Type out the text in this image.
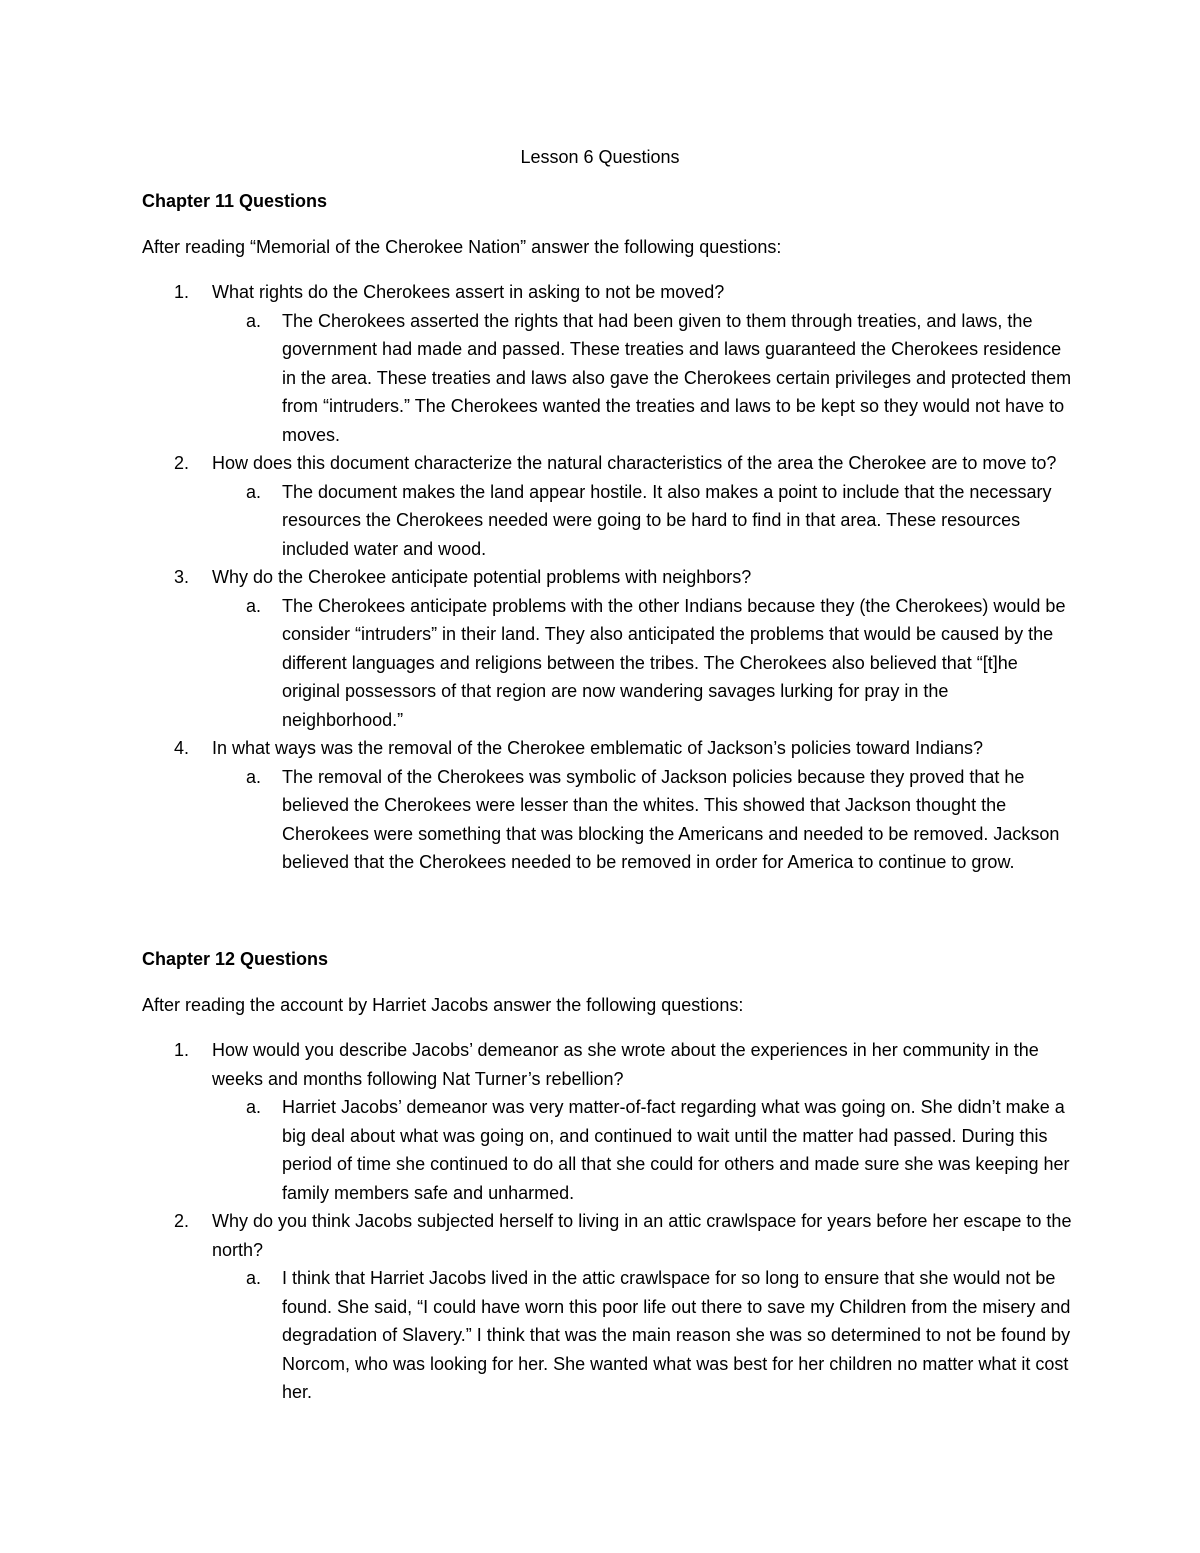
Lesson 6 Questions
Chapter 11 Questions

After reading “Memorial of the Cherokee Nation” answer the following questions:

1. What rights do the Cherokees assert in asking to not be moved?
a. The Cherokees asserted the rights that had been given to them through treaties, and laws, the government had made and passed. These treaties and laws guaranteed the Cherokees residence in the area. These treaties and laws also gave the Cherokees certain privileges and protected them from “intruders.” The Cherokees wanted the treaties and laws to be kept so they would not have to moves.
2. How does this document characterize the natural characteristics of the area the Cherokee are to move to?
a. The document makes the land appear hostile. It also makes a point to include that the necessary resources the Cherokees needed were going to be hard to find in that area. These resources included water and wood.
3. Why do the Cherokee anticipate potential problems with neighbors?
a. The Cherokees anticipate problems with the other Indians because they (the Cherokees) would be consider “intruders” in their land. They also anticipated the problems that would be caused by the different languages and religions between the tribes. The Cherokees also believed that “[t]he original possessors of that region are now wandering savages lurking for pray in the neighborhood.”
4. In what ways was the removal of the Cherokee emblematic of Jackson’s policies toward Indians?
a. The removal of the Cherokees was symbolic of Jackson policies because they proved that he believed the Cherokees were lesser than the whites. This showed that Jackson thought the Cherokees were something that was blocking the Americans and needed to be removed. Jackson believed that the Cherokees needed to be removed in order for America to continue to grow.
Chapter 12 Questions

After reading the account by Harriet Jacobs answer the following questions:

1. How would you describe Jacobs’ demeanor as she wrote about the experiences in her community in the weeks and months following Nat Turner’s rebellion?
a. Harriet Jacobs’ demeanor was very matter-of-fact regarding what was going on. She didn’t make a big deal about what was going on, and continued to wait until the matter had passed. During this period of time she continued to do all that she could for others and made sure she was keeping her family members safe and unharmed.
2. Why do you think Jacobs subjected herself to living in an attic crawlspace for years before her escape to the north?
a. I think that Harriet Jacobs lived in the attic crawlspace for so long to ensure that she would not be found. She said, “I could have worn this poor life out there to save my Children from the misery and degradation of Slavery.” I think that was the main reason she was so determined to not be found by Norcom, who was looking for her. She wanted what was best for her children no matter what it cost her.
